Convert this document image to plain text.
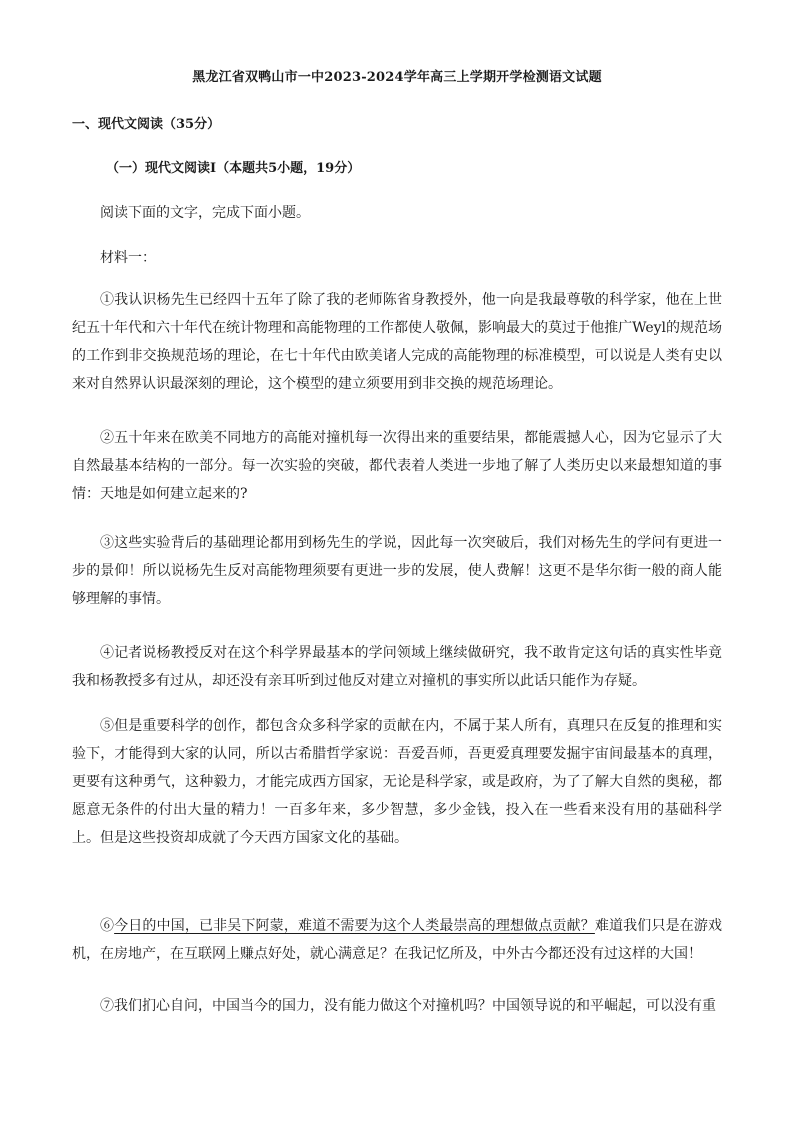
黑龙江省双鸭山市一中2023-2024学年高三上学期开学检测语文试题
一、现代文阅读（35分）
（一）现代文阅读Ⅰ（本题共5小题，19分）
阅读下面的文字，完成下面小题。
材料一：

①我认识杨先生已经四十五年了除了我的老师陈省身教授外，他一向是我最尊敬的科学家，他在上世纪五十年代和六十年代在统计物理和高能物理的工作都使人敬佩，影响最大的莫过于他推广Weyl的规范场的工作到非交换规范场的理论，在七十年代由欧美诸人完成的高能物理的标准模型，可以说是人类有史以来对自然界认识最深刻的理论，这个模型的建立须要用到非交换的规范场理论。

②五十年来在欧美不同地方的高能对撞机每一次得出来的重要结果，都能震撼人心，因为它显示了大自然最基本结构的一部分。每一次实验的突破，都代表着人类进一步地了解了人类历史以来最想知道的事情：天地是如何建立起来的?

③这些实验背后的基础理论都用到杨先生的学说，因此每一次突破后，我们对杨先生的学问有更进一步的景仰！所以说杨先生反对高能物理须要有更进一步的发展，使人费解！这更不是华尔街一般的商人能够理解的事情。

④记者说杨教授反对在这个科学界最基本的学问领域上继续做研究，我不敢肯定这句话的真实性毕竟我和杨教授多有过从，却还没有亲耳听到过他反对建立对撞机的事实所以此话只能作为存疑。

⑤但是重要科学的创作，都包含众多科学家的贡献在内，不属于某人所有，真理只在反复的推理和实验下，才能得到大家的认同，所以古希腊哲学家说：吾爱吾师，吾更爱真理要发掘宇宙间最基本的真理，更要有这种勇气，这种毅力，才能完成西方国家，无论是科学家，或是政府，为了了解大自然的奥秘，都愿意无条件的付出大量的精力！一百多年来，多少智慧，多少金钱，投入在一些看来没有用的基础科学上。但是这些投资却成就了今天西方国家文化的基础。

⑥今日的中国，已非吴下阿蒙，难道不需要为这个人类最崇高的理想做点贡献？难道我们只是在游戏机，在房地产，在互联网上赚点好处，就心满意足？在我记忆所及，中外古今都还没有过这样的大国！

⑦我们扪心自问，中国当今的国力，没有能力做这个对撞机吗？中国领导说的和平崛起，可以没有重
